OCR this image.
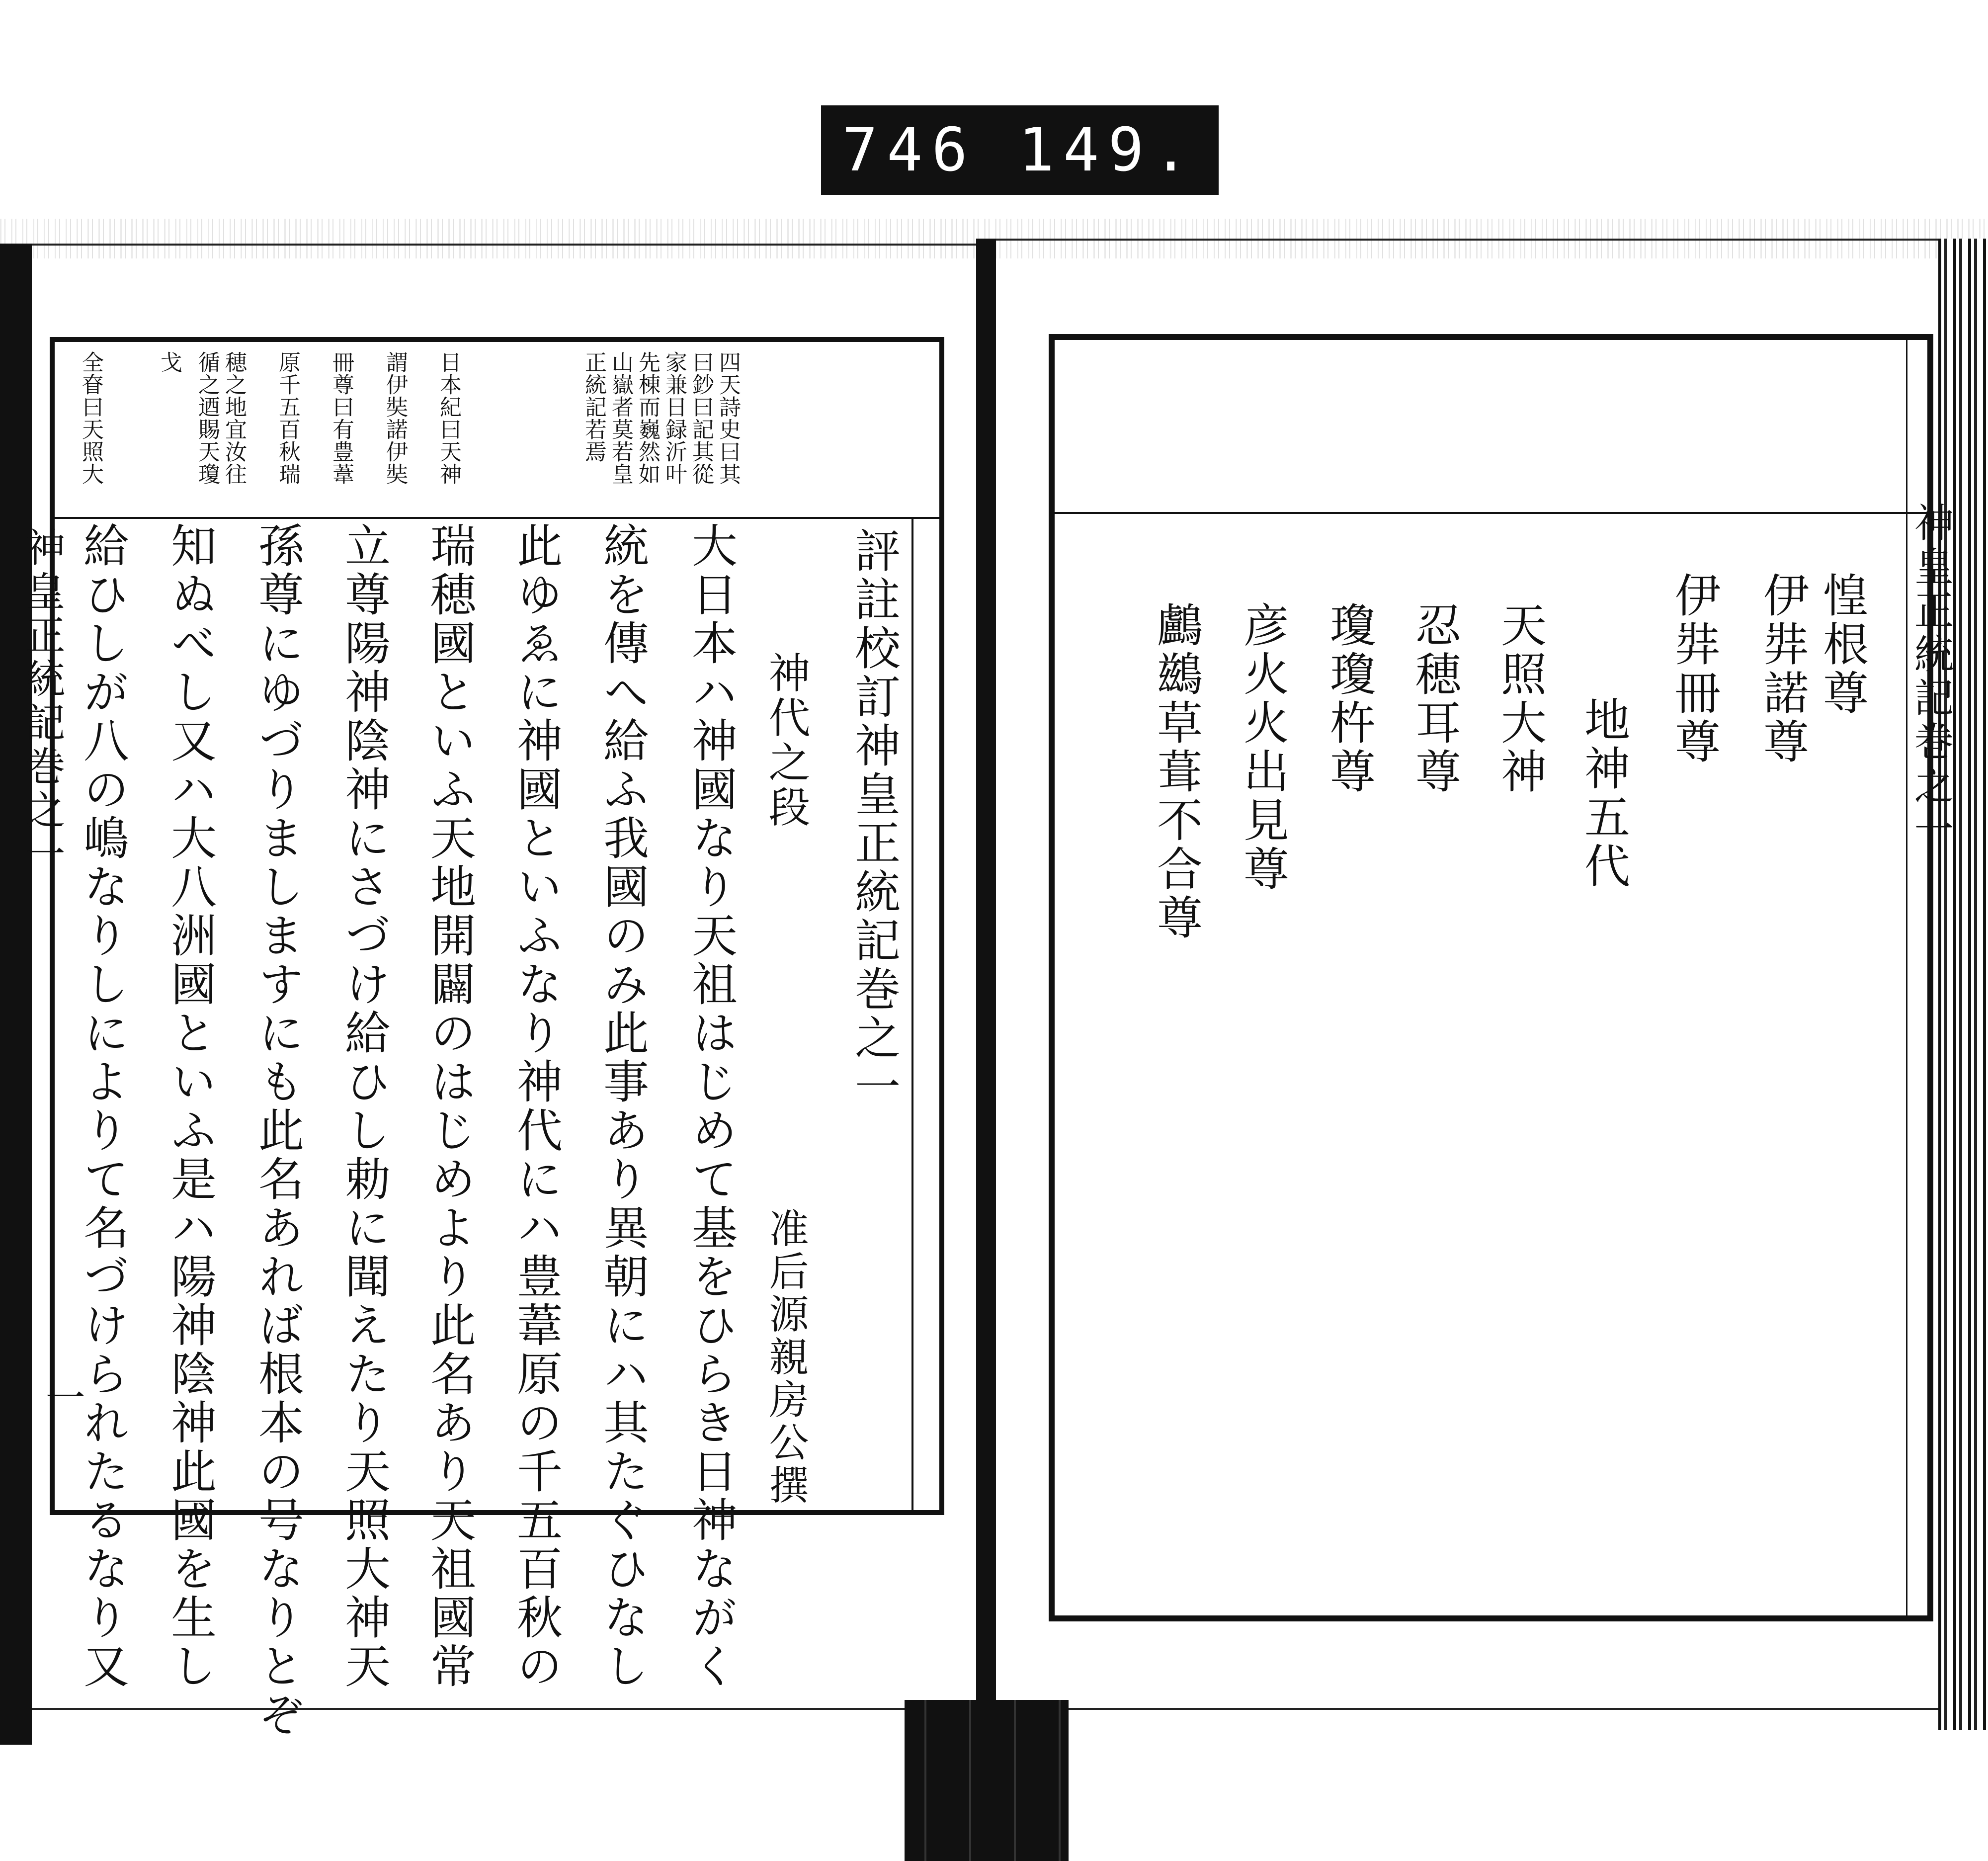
746 149.
神皇正統記巻之一
一
四天詩史曰其
曰鈔曰記其從
家兼日録沂叶
先棟而巍然如
山嶽者莫若皇
正統記若焉
日本紀曰天神
謂伊奘諾伊奘
冊尊曰有豊葦
原千五百秋瑞
穂之地宜汝往
循之迺賜天瓊
戈
全眘曰天照大
評註校訂神皇正統記巻之一
神代之段
准后源親房公撰
大日本ハ神國なり天祖はじめて基をひらき日神ながく
統を傳へ給ふ我國のみ此事あり異朝にハ其たぐひなし
此ゆゑに神國といふなり神代にハ豊葦原の千五百秋の
瑞穂國といふ天地開闢のはじめより此名あり天祖國常
立尊陽神陰神にさづけ給ひし勅に聞えたり天照大神天
孫尊にゆづりましますにも此名あれば根本の号なりとぞ
知ぬべし又ハ大八洲國といふ是ハ陽神陰神此國を生し
給ひしが八の嶋なりしによりて名づけられたるなり又	神皇正統記巻之一
惶根尊
伊弉諾尊
伊弉冊尊
地神五代
天照大神
忍穂耳尊
瓊瓊杵尊
彦火火出見尊
鸕鷀草葺不合尊
